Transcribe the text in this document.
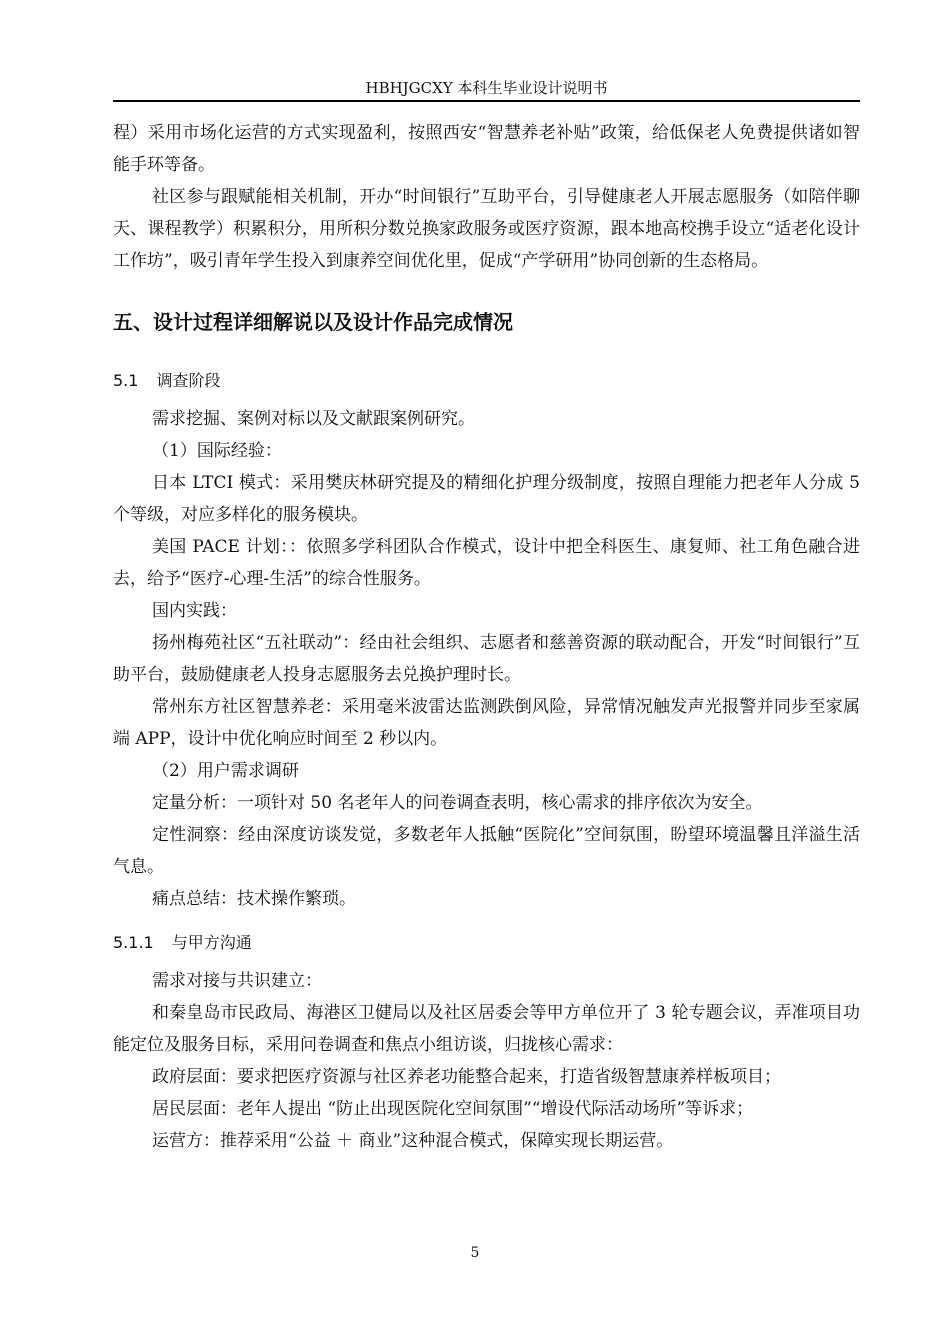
HBHJGCXY 本科生毕业设计说明书

程）采用市场化运营的方式实现盈利，按照西安“智慧养老补贴”政策，给低保老人免费提供诸如智能手环等备。

社区参与跟赋能相关机制，开办“时间银行”互助平台，引导健康老人开展志愿服务（如陪伴聊天、课程教学）积累积分，用所积分数兑换家政服务或医疗资源，跟本地高校携手设立“适老化设计工作坊”，吸引青年学生投入到康养空间优化里，促成“产学研用”协同创新的生态格局。

五、设计过程详细解说以及设计作品完成情况
5.1 调查阶段

需求挖掘、案例对标以及文献跟案例研究。

（1）国际经验：

日本 LTCI 模式：采用樊庆林研究提及的精细化护理分级制度，按照自理能力把老年人分成 5 个等级，对应多样化的服务模块。

美国 PACE 计划：：依照多学科团队合作模式，设计中把全科医生、康复师、社工角色融合进去，给予“医疗-心理-生活”的综合性服务。

国内实践：

扬州梅苑社区“五社联动”：经由社会组织、志愿者和慈善资源的联动配合，开发“时间银行”互助平台，鼓励健康老人投身志愿服务去兑换护理时长。

常州东方社区智慧养老：采用毫米波雷达监测跌倒风险，异常情况触发声光报警并同步至家属端 APP，设计中优化响应时间至 2 秒以内。

（2）用户需求调研

定量分析：一项针对 50 名老年人的问卷调查表明，核心需求的排序依次为安全。

定性洞察：经由深度访谈发觉，多数老年人抵触“医院化”空间氛围，盼望环境温馨且洋溢生活气息。

痛点总结：技术操作繁琐。

5.1.1 与甲方沟通

需求对接与共识建立：

和秦皇岛市民政局、海港区卫健局以及社区居委会等甲方单位开了 3 轮专题会议，弄准项目功能定位及服务目标，采用问卷调查和焦点小组访谈，归拢核心需求：

政府层面：要求把医疗资源与社区养老功能整合起来，打造省级智慧康养样板项目；

居民层面：老年人提出 “防止出现医院化空间氛围”“增设代际活动场所”等诉求；

运营方：推荐采用“公益 ＋ 商业”这种混合模式，保障实现长期运营。

5
